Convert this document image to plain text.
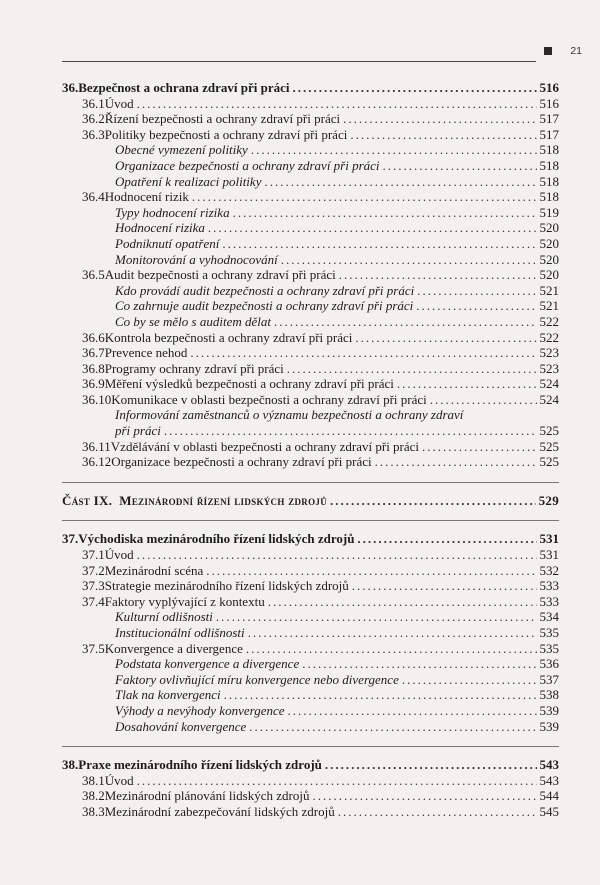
21
36. Bezpečnost a ochrana zdraví při práci .....	516
36.1 Úvod .....	516
36.2 Řízení bezpečnosti a ochrany zdraví při práci .....	517
36.3 Politiky bezpečnosti a ochrany zdraví při práci .....	517
Obecné vymezení politiky .....	518
Organizace bezpečnosti a ochrany zdraví při práci .....	518
Opatření k realizaci politiky .....	518
36.4 Hodnocení rizik .....	518
Typy hodnocení rizika .....	519
Hodnocení rizika .....	520
Podniknutí opatření .....	520
Monitorování a vyhodnocování .....	520
36.5 Audit bezpečnosti a ochrany zdraví při práci .....	520
Kdo provádí audit bezpečnosti a ochrany zdraví při práci .....	521
Co zahrnuje audit bezpečnosti a ochrany zdraví při práci .....	521
Co by se mělo s auditem dělat .....	522
36.6 Kontrola bezpečnosti a ochrany zdraví při práci .....	522
36.7 Prevence nehod .....	523
36.8 Programy ochrany zdraví při práci .....	523
36.9 Měření výsledků bezpečnosti a ochrany zdraví při práci .....	524
36.10 Komunikace v oblasti bezpečnosti a ochrany zdraví při práci .....	524
Informování zaměstnanců o významu bezpečnosti a ochrany zdraví
při práci .....	525
36.11 Vzdělávání v oblasti bezpečnosti a ochrany zdraví při práci .....	525
36.12 Organizace bezpečnosti a ochrany zdraví při práci .....	525
Část IX. Mezinárodní řízení lidských zdrojů .....	529
37. Východiska mezinárodního řízení lidských zdrojů .....	531
37.1 Úvod .....	531
37.2 Mezinárodní scéna .....	532
37.3 Strategie mezinárodního řízení lidských zdrojů .....	533
37.4 Faktory vyplývající z kontextu .....	533
Kulturní odlišnosti .....	534
Institucionální odlišnosti .....	535
37.5 Konvergence a divergence .....	535
Podstata konvergence a divergence .....	536
Faktory ovlivňující míru konvergence nebo divergence .....	537
Tlak na konvergenci .....	538
Výhody a nevýhody konvergence .....	539
Dosahování konvergence .....	539
38. Praxe mezinárodního řízení lidských zdrojů .....	543
38.1 Úvod .....	543
38.2 Mezinárodní plánování lidských zdrojů .....	544
38.3 Mezinárodní zabezpečování lidských zdrojů .....	545
